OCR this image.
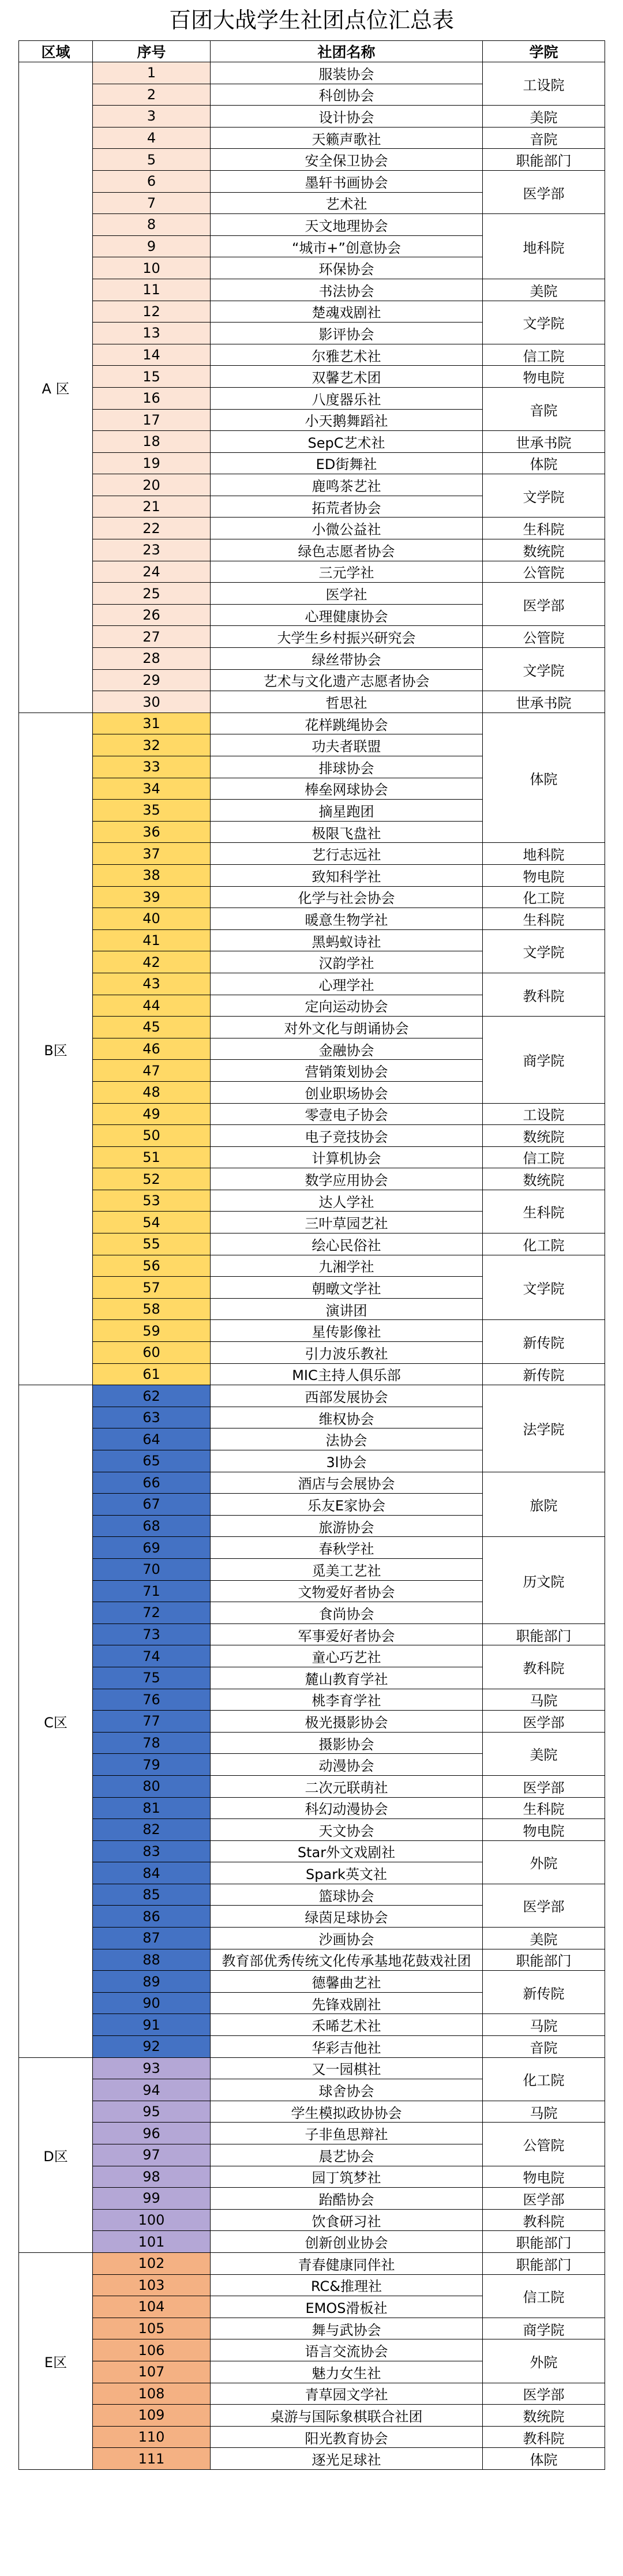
百团大战学生社团点位汇总表
区域	序号	社团名称	学院
A 区	1	服装协会	工设院
	2	科创协会	
	3	设计协会	美院
	4	天籁声歌社	音院
	5	安全保卫协会	职能部门
	6	墨轩书画协会	医学部
	7	艺术社	
	8	天文地理协会	地科院
	9	“城市+”创意协会	
	10	环保协会	
	11	书法协会	美院
	12	楚魂戏剧社	文学院
	13	影评协会	
	14	尔雅艺术社	信工院
	15	双馨艺术团	物电院
	16	八度器乐社	音院
	17	小天鹅舞蹈社	
	18	SepC艺术社	世承书院
	19	ED街舞社	体院
	20	鹿鸣茶艺社	文学院
	21	拓荒者协会	
	22	小微公益社	生科院
	23	绿色志愿者协会	数统院
	24	三元学社	公管院
	25	医学社	医学部
	26	心理健康协会	
	27	大学生乡村振兴研究会	公管院
	28	绿丝带协会	文学院
	29	艺术与文化遗产志愿者协会	
	30	哲思社	世承书院
B区	31	花样跳绳协会	体院
	32	功夫者联盟	
	33	排球协会	
	34	棒垒网球协会	
	35	摘星跑团	
	36	极限飞盘社	
	37	艺行志远社	地科院
	38	致知科学社	物电院
	39	化学与社会协会	化工院
	40	暖意生物学社	生科院
	41	黑蚂蚁诗社	文学院
	42	汉韵学社	
	43	心理学社	教科院
	44	定向运动协会	
	45	对外文化与朗诵协会	商学院
	46	金融协会	
	47	营销策划协会	
	48	创业职场协会	
	49	零壹电子协会	工设院
	50	电子竞技协会	数统院
	51	计算机协会	信工院
	52	数学应用协会	数统院
	53	达人学社	生科院
	54	三叶草园艺社	
	55	绘心民俗社	化工院
	56	九湘学社	文学院
	57	朝暾文学社	
	58	演讲团	
	59	星传影像社	新传院
	60	引力波乐教社	
	61	MIC主持人俱乐部	新传院
C区	62	西部发展协会	法学院
	63	维权协会	
	64	法协会	
	65	3l协会	
	66	酒店与会展协会	旅院
	67	乐友E家协会	
	68	旅游协会	
	69	春秋学社	历文院
	70	觅美工艺社	
	71	文物爱好者协会	
	72	食尚协会	
	73	军事爱好者协会	职能部门
	74	童心巧艺社	教科院
	75	麓山教育学社	
	76	桃李育学社	马院
	77	极光摄影协会	医学部
	78	摄影协会	美院
	79	动漫协会	
	80	二次元联萌社	医学部
	81	科幻动漫协会	生科院
	82	天文协会	物电院
	83	Star外文戏剧社	外院
	84	Spark英文社	
	85	篮球协会	医学部
	86	绿茵足球协会	
	87	沙画协会	美院
	88	教育部优秀传统文化传承基地花鼓戏社团	职能部门
	89	德馨曲艺社	新传院
	90	先锋戏剧社	
	91	禾晞艺术社	马院
	92	华彩吉他社	音院
D区	93	又一园棋社	化工院
	94	球舍协会	
	95	学生模拟政协协会	马院
	96	子非鱼思辩社	公管院
	97	晨艺协会	
	98	园丁筑梦社	物电院
	99	跆酷协会	医学部
	100	饮食研习社	教科院
	101	创新创业协会	职能部门
E区	102	青春健康同伴社	职能部门
	103	RC&推理社	信工院
	104	EMOS滑板社	
	105	舞与武协会	商学院
	106	语言交流协会	外院
	107	魅力女生社	
	108	青草园文学社	医学部
	109	桌游与国际象棋联合社团	数统院
	110	阳光教育协会	教科院
	111	逐光足球社	体院
